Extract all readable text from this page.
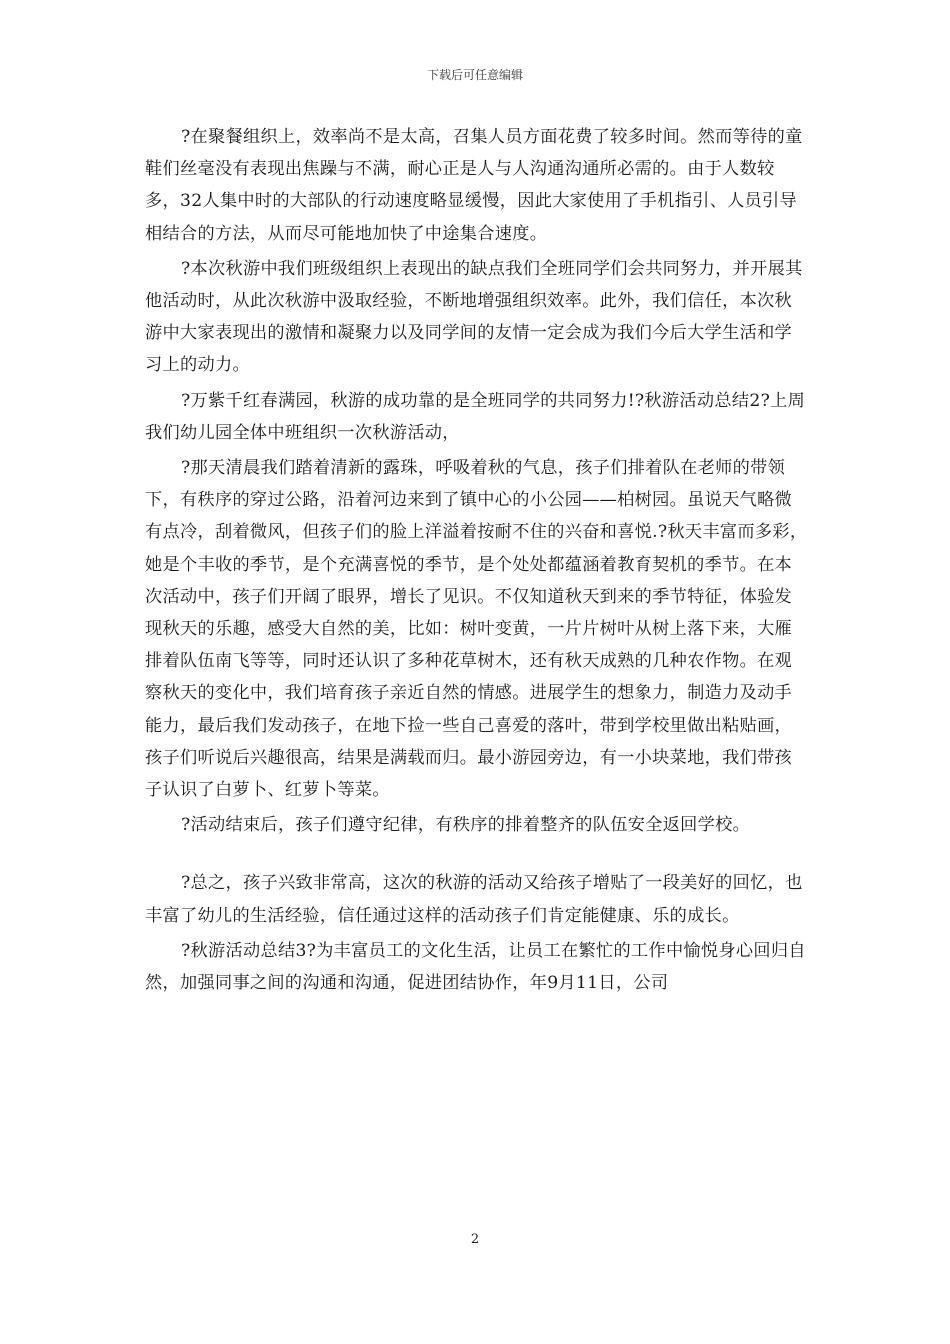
下载后可任意编辑

?在聚餐组织上，效率尚不是太高，召集人员方面花费了较多时间。然而等待的童鞋们丝毫没有表现出焦躁与不满，耐心正是人与人沟通沟通所必需的。由于人数较多，32人集中时的大部队的行动速度略显缓慢，因此大家使用了手机指引、人员引导相结合的方法，从而尽可能地加快了中途集合速度。

?本次秋游中我们班级组织上表现出的缺点我们全班同学们会共同努力，并开展其他活动时，从此次秋游中汲取经验，不断地增强组织效率。此外，我们信任，本次秋游中大家表现出的激情和凝聚力以及同学间的友情一定会成为我们今后大学生活和学习上的动力。

?万紫千红春满园，秋游的成功靠的是全班同学的共同努力!?秋游活动总结2?上周我们幼儿园全体中班组织一次秋游活动，

?那天清晨我们踏着清新的露珠，呼吸着秋的气息，孩子们排着队在老师的带领下，有秩序的穿过公路，沿着河边来到了镇中心的小公园——柏树园。虽说天气略微有点冷，刮着微风，但孩子们的脸上洋溢着按耐不住的兴奋和喜悦.?秋天丰富而多彩，她是个丰收的季节，是个充满喜悦的季节，是个处处都蕴涵着教育契机的季节。在本次活动中，孩子们开阔了眼界，增长了见识。不仅知道秋天到来的季节特征，体验发现秋天的乐趣，感受大自然的美，比如：树叶变黄，一片片树叶从树上落下来，大雁排着队伍南飞等等，同时还认识了多种花草树木，还有秋天成熟的几种农作物。在观察秋天的变化中，我们培育孩子亲近自然的情感。进展学生的想象力，制造力及动手能力，最后我们发动孩子，在地下捡一些自己喜爱的落叶，带到学校里做出粘贴画，孩子们听说后兴趣很高，结果是满载而归。最小游园旁边，有一小块菜地，我们带孩子认识了白萝卜、红萝卜等菜。

?活动结束后，孩子们遵守纪律，有秩序的排着整齐的队伍安全返回学校。

?总之，孩子兴致非常高，这次的秋游的活动又给孩子增贴了一段美好的回忆，也丰富了幼儿的生活经验，信任通过这样的活动孩子们肯定能健康、乐的成长。

?秋游活动总结3?为丰富员工的文化生活，让员工在繁忙的工作中愉悦身心回归自然，加强同事之间的沟通和沟通，促进团结协作，年9月11日，公司

2
